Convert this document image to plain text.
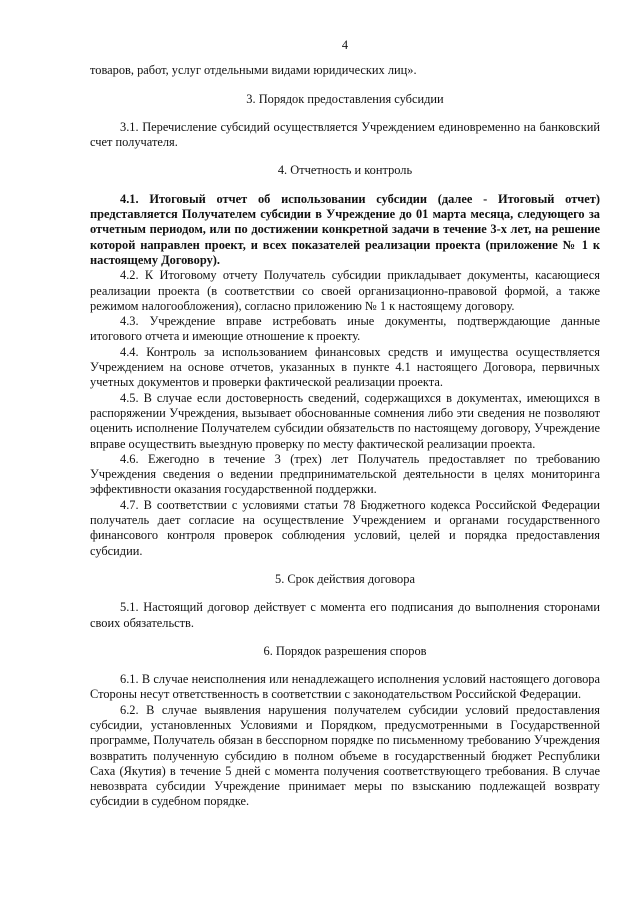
4

товаров, работ, услуг отдельными видами юридических лиц».

3. Порядок предоставления субсидии

3.1. Перечисление субсидий осуществляется Учреждением единовременно на банковский счет получателя.

4. Отчетность и контроль

4.1. Итоговый отчет об использовании субсидии (далее - Итоговый отчет) представляется Получателем субсидии в Учреждение до 01 марта месяца, следующего за отчетным периодом, или по достижении конкретной задачи в течение 3-х лет, на решение которой направлен проект, и всех показателей реализации проекта (приложение № 1 к настоящему Договору).

4.2. К Итоговому отчету Получатель субсидии прикладывает документы, касающиеся реализации проекта (в соответствии со своей организационно-правовой формой, а также режимом налогообложения), согласно приложению № 1 к настоящему договору.

4.3. Учреждение вправе истребовать иные документы, подтверждающие данные итогового отчета и имеющие отношение к проекту.

4.4. Контроль за использованием финансовых средств и имущества осуществляется Учреждением на основе отчетов, указанных в пункте 4.1 настоящего Договора, первичных учетных документов и проверки фактической реализации проекта.

4.5. В случае если достоверность сведений, содержащихся в документах, имеющихся в распоряжении Учреждения, вызывает обоснованные сомнения либо эти сведения не позволяют оценить исполнение Получателем субсидии обязательств по настоящему договору, Учреждение вправе осуществить выездную проверку по месту фактической реализации проекта.

4.6. Ежегодно в течение 3 (трех) лет Получатель предоставляет по требованию Учреждения сведения о ведении предпринимательской деятельности в целях мониторинга эффективности оказания государственной поддержки.

4.7. В соответствии с условиями статьи 78 Бюджетного кодекса Российской Федерации получатель дает согласие на осуществление Учреждением и органами государственного финансового контроля проверок соблюдения условий, целей и порядка предоставления субсидии.

5. Срок действия договора

5.1. Настоящий договор действует с момента его подписания до выполнения сторонами своих обязательств.

6. Порядок разрешения споров

6.1. В случае неисполнения или ненадлежащего исполнения условий настоящего договора Стороны несут ответственность в соответствии с законодательством Российской Федерации.

6.2. В случае выявления нарушения получателем субсидии условий предоставления субсидии, установленных Условиями и Порядком, предусмотренными в Государственной программе, Получатель обязан в бесспорном порядке по письменному требованию Учреждения возвратить полученную субсидию в полном объеме в государственный бюджет Республики Саха (Якутия) в течение 5 дней с момента получения соответствующего требования. В случае невозврата субсидии Учреждение принимает меры по взысканию подлежащей возврату субсидии в судебном порядке.
